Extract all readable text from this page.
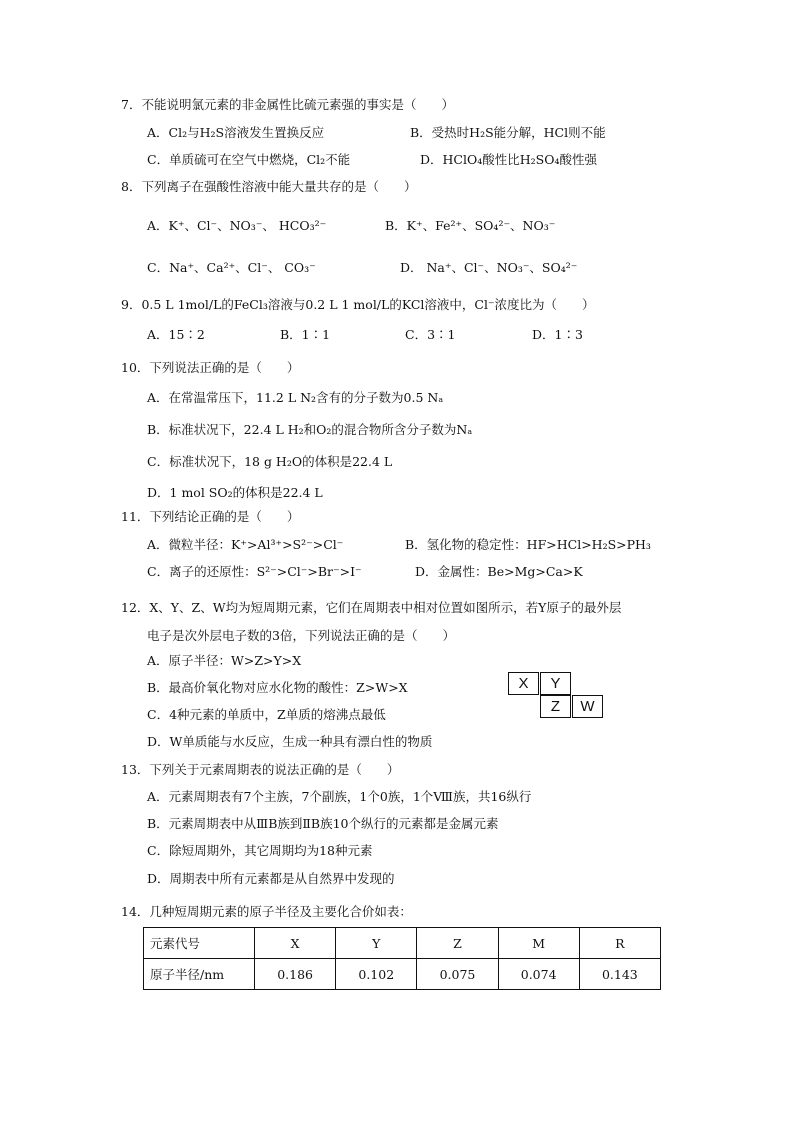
7．不能说明氯元素的非金属性比硫元素强的事实是（　　）
A．Cl₂与H₂S溶液发生置换反应	B．受热时H₂S能分解，HCl则不能
C．单质硫可在空气中燃烧，Cl₂不能	D．HClO₄酸性比H₂SO₄酸性强
8．下列离子在强酸性溶液中能大量共存的是（　　）
A．K⁺、Cl⁻、NO₃⁻、 HCO₃²⁻	B．K⁺、Fe²⁺、SO₄²⁻、NO₃⁻
C．Na⁺、Ca²⁺、Cl⁻、 CO₃⁻	D． Na⁺、Cl⁻、NO₃⁻、SO₄²⁻
9．0.5 L 1mol/L的FeCl₃溶液与0.2 L 1 mol/L的KCl溶液中，Cl⁻浓度比为（　　）
A．15∶2	B．1∶1	C．3∶1	D．1∶3
10．下列说法正确的是（　　）
A．在常温常压下，11.2 L N₂含有的分子数为0.5 Nₐ
B．标准状况下，22.4 L H₂和O₂的混合物所含分子数为Nₐ
C．标准状况下，18 g H₂O的体积是22.4 L
D．1 mol SO₂的体积是22.4 L
11．下列结论正确的是（　　）
A．微粒半径：K⁺>Al³⁺>S²⁻>Cl⁻	B．氢化物的稳定性：HF>HCl>H₂S>PH₃
C．离子的还原性：S²⁻>Cl⁻>Br⁻>I⁻	D．金属性：Be>Mg>Ca>K
12．X、Y、Z、W均为短周期元素，它们在周期表中相对位置如图所示，若Y原子的最外层
电子是次外层电子数的3倍，下列说法正确的是（　　）
A．原子半径：W>Z>Y>X
B．最高价氧化物对应水化物的酸性：Z>W>X
C．4种元素的单质中，Z单质的熔沸点最低
D．W单质能与水反应，生成一种具有漂白性的物质
X	Y
Z	W
13．下列关于元素周期表的说法正确的是（　　）
A．元素周期表有7个主族，7个副族，1个0族，1个Ⅷ族，共16纵行
B．元素周期表中从ⅢB族到ⅡB族10个纵行的元素都是金属元素
C．除短周期外，其它周期均为18种元素
D．周期表中所有元素都是从自然界中发现的
14．几种短周期元素的原子半径及主要化合价如表：
元素代号	X	Y	Z	M	R
原子半径/nm	0.186	0.102	0.075	0.074	0.143
